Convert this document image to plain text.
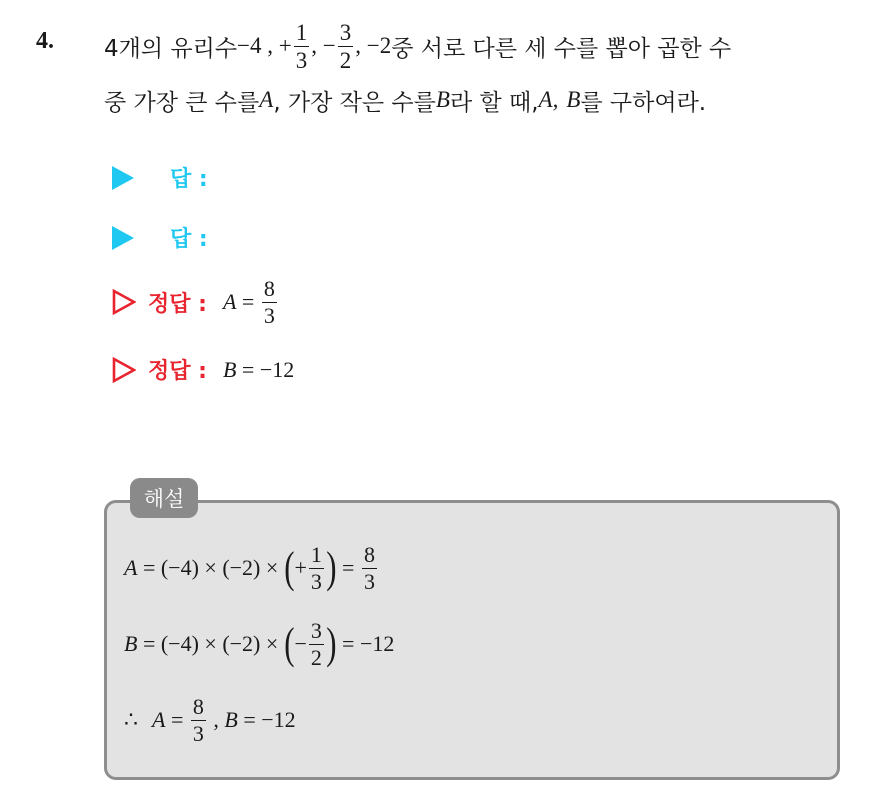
4. 4개의 유리수 −4 , + $\frac{1}{3}$ , − $\frac{3}{2}$ , −2 중 서로 다른 세 수를 뽑아 곱한 수
중 가장 큰 수를 A , 가장 작은 수를 B 라 할 때, A, B 를 구하여라.
답 :
답 :
정답 : $A = \frac{8}{3}$
정답 : B = −12
해설
A = (−4) × (−2) × ( + $\frac{1}{3}$ ) = $\frac{8}{3}$
B = (−4) × (−2) × ( − $\frac{3}{2}$ ) = −12
∴ $A = \frac{8}{3}$ , B = −12
